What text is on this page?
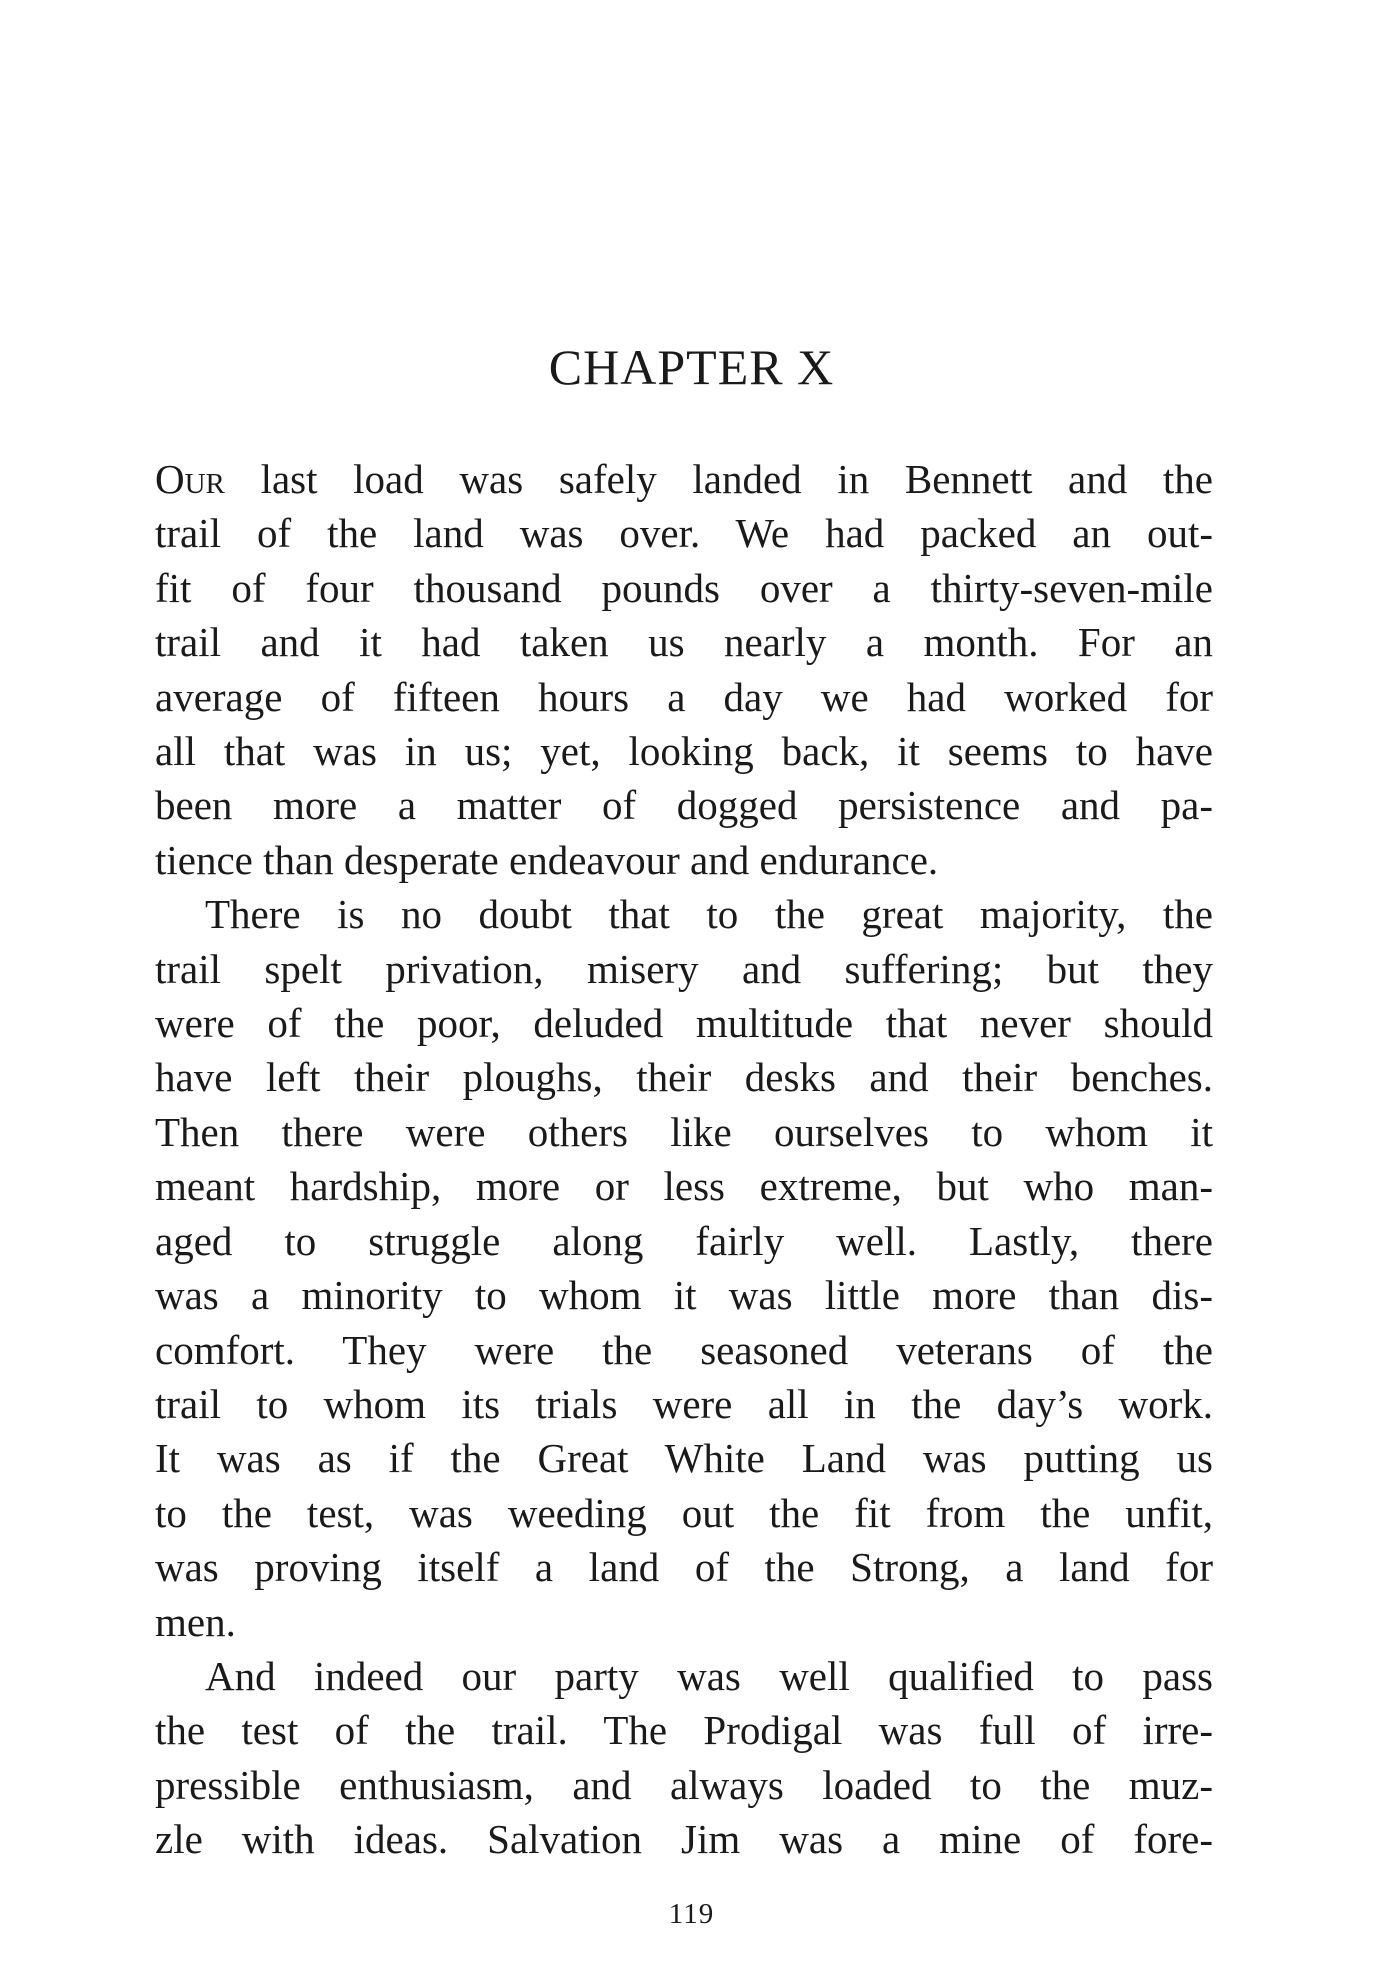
CHAPTER X
Our last load was safely landed in Bennett and the
trail of the land was over. We had packed an out-
fit of four thousand pounds over a thirty-seven-mile
trail and it had taken us nearly a month. For an
average of fifteen hours a day we had worked for
all that was in us; yet, looking back, it seems to have
been more a matter of dogged persistence and pa-
tience than desperate endeavour and endurance.
There is no doubt that to the great majority, the
trail spelt privation, misery and suffering; but they
were of the poor, deluded multitude that never should
have left their ploughs, their desks and their benches.
Then there were others like ourselves to whom it
meant hardship, more or less extreme, but who man-
aged to struggle along fairly well. Lastly, there
was a minority to whom it was little more than dis-
comfort. They were the seasoned veterans of the
trail to whom its trials were all in the day’s work.
It was as if the Great White Land was putting us
to the test, was weeding out the fit from the unfit,
was proving itself a land of the Strong, a land for
men.
And indeed our party was well qualified to pass
the test of the trail. The Prodigal was full of irre-
pressible enthusiasm, and always loaded to the muz-
zle with ideas. Salvation Jim was a mine of fore-
119
